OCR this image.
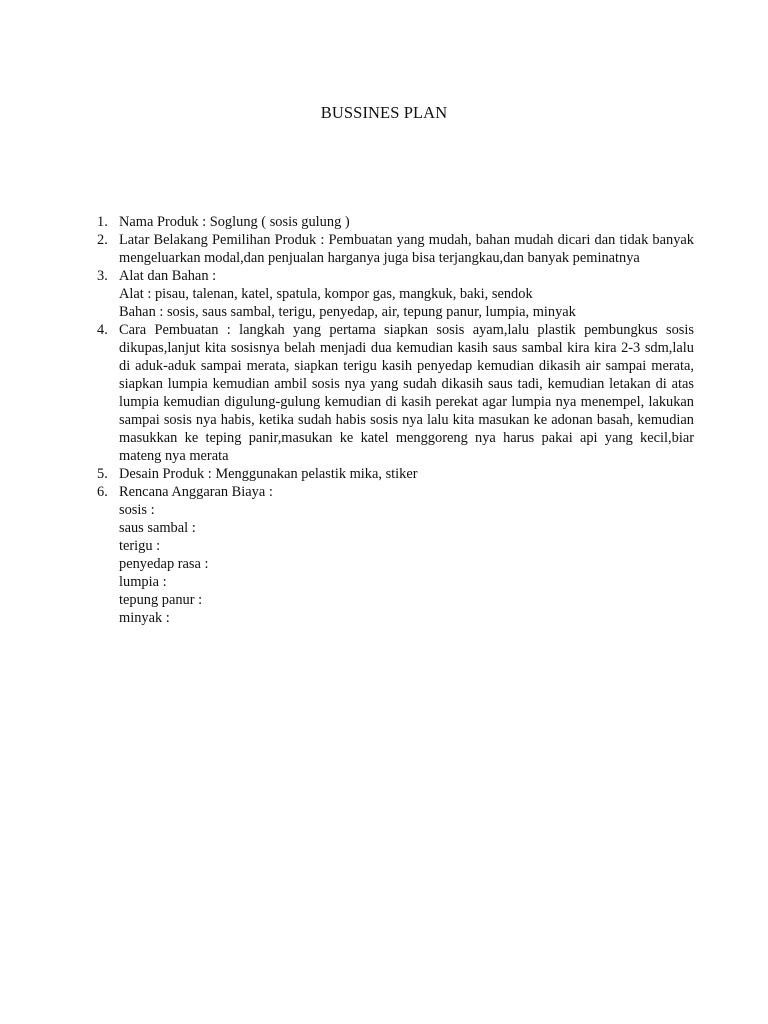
BUSSINES PLAN
1. Nama Produk : Soglung ( sosis gulung )
2. Latar Belakang Pemilihan Produk : Pembuatan yang mudah, bahan mudah dicari dan tidak banyak mengeluarkan modal,dan penjualan harganya juga bisa terjangkau,dan banyak peminatnya
3. Alat dan Bahan :
Alat : pisau, talenan, katel, spatula, kompor gas, mangkuk, baki, sendok
Bahan : sosis, saus sambal, terigu, penyedap, air, tepung panur, lumpia, minyak
4. Cara Pembuatan : langkah yang pertama siapkan sosis ayam,lalu plastik pembungkus sosis dikupas,lanjut kita sosisnya belah menjadi dua kemudian kasih saus sambal kira kira 2-3 sdm,lalu di aduk-aduk sampai merata, siapkan terigu kasih penyedap kemudian dikasih air sampai merata, siapkan lumpia kemudian ambil sosis nya yang sudah dikasih saus tadi, kemudian letakan di atas lumpia kemudian digulung-gulung kemudian di kasih perekat agar lumpia nya menempel, lakukan sampai sosis nya habis, ketika sudah habis sosis nya lalu kita masukan ke adonan basah, kemudian masukkan ke teping panir,masukan ke katel menggoreng nya harus pakai api yang kecil,biar mateng nya merata
5. Desain Produk : Menggunakan pelastik mika, stiker
6. Rencana Anggaran Biaya :
sosis :
saus sambal :
terigu :
penyedap rasa :
lumpia :
tepung panur :
minyak :
